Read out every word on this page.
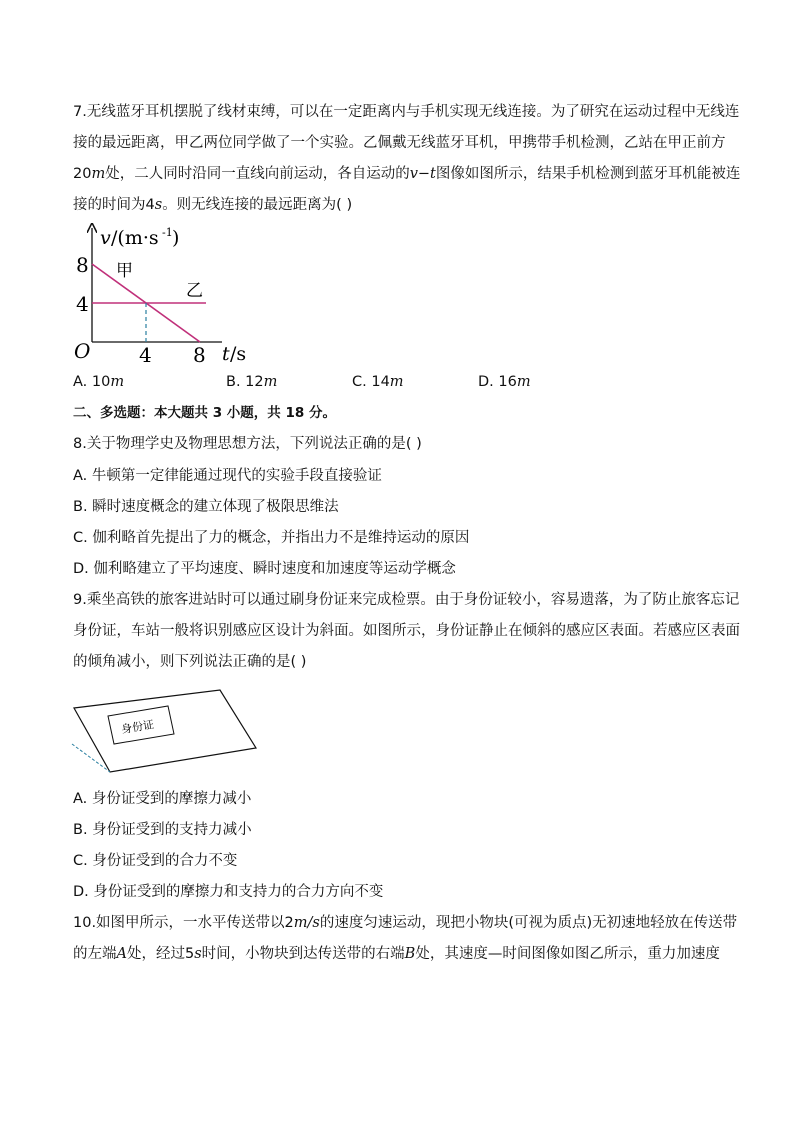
7.无线蓝牙耳机摆脱了线材束缚，可以在一定距离内与手机实现无线连接。为了研究在运动过程中无线连
接的最远距离，甲乙两位同学做了一个实验。乙佩戴无线蓝牙耳机，甲携带手机检测，乙站在甲正前方
20m处，二人同时沿同一直线向前运动，各自运动的v−t图像如图所示，结果手机检测到蓝牙耳机能被连
接的时间为4s。则无线连接的最远距离为( )
v /(m·s -1 )
8
4
O 4 8 t /s
甲
乙
A. 10m	B. 12m	C. 14m	D. 16m
二、多选题：本大题共 3 小题，共 18 分。
8.关于物理学史及物理思想方法，下列说法正确的是( )
A. 牛顿第一定律能通过现代的实验手段直接验证
B. 瞬时速度概念的建立体现了极限思维法
C. 伽利略首先提出了力的概念，并指出力不是维持运动的原因
D. 伽利略建立了平均速度、瞬时速度和加速度等运动学概念
9.乘坐高铁的旅客进站时可以通过刷身份证来完成检票。由于身份证较小，容易遗落，为了防止旅客忘记
身份证，车站一般将识别感应区设计为斜面。如图所示，身份证静止在倾斜的感应区表面。若感应区表面
的倾角减小，则下列说法正确的是( )
身份证
A. 身份证受到的摩擦力减小
B. 身份证受到的支持力减小
C. 身份证受到的合力不变
D. 身份证受到的摩擦力和支持力的合力方向不变
10.如图甲所示，一水平传送带以2m/s的速度匀速运动，现把小物块(可视为质点)无初速地轻放在传送带
的左端A处，经过5s时间，小物块到达传送带的右端B处，其速度—时间图像如图乙所示，重力加速度
